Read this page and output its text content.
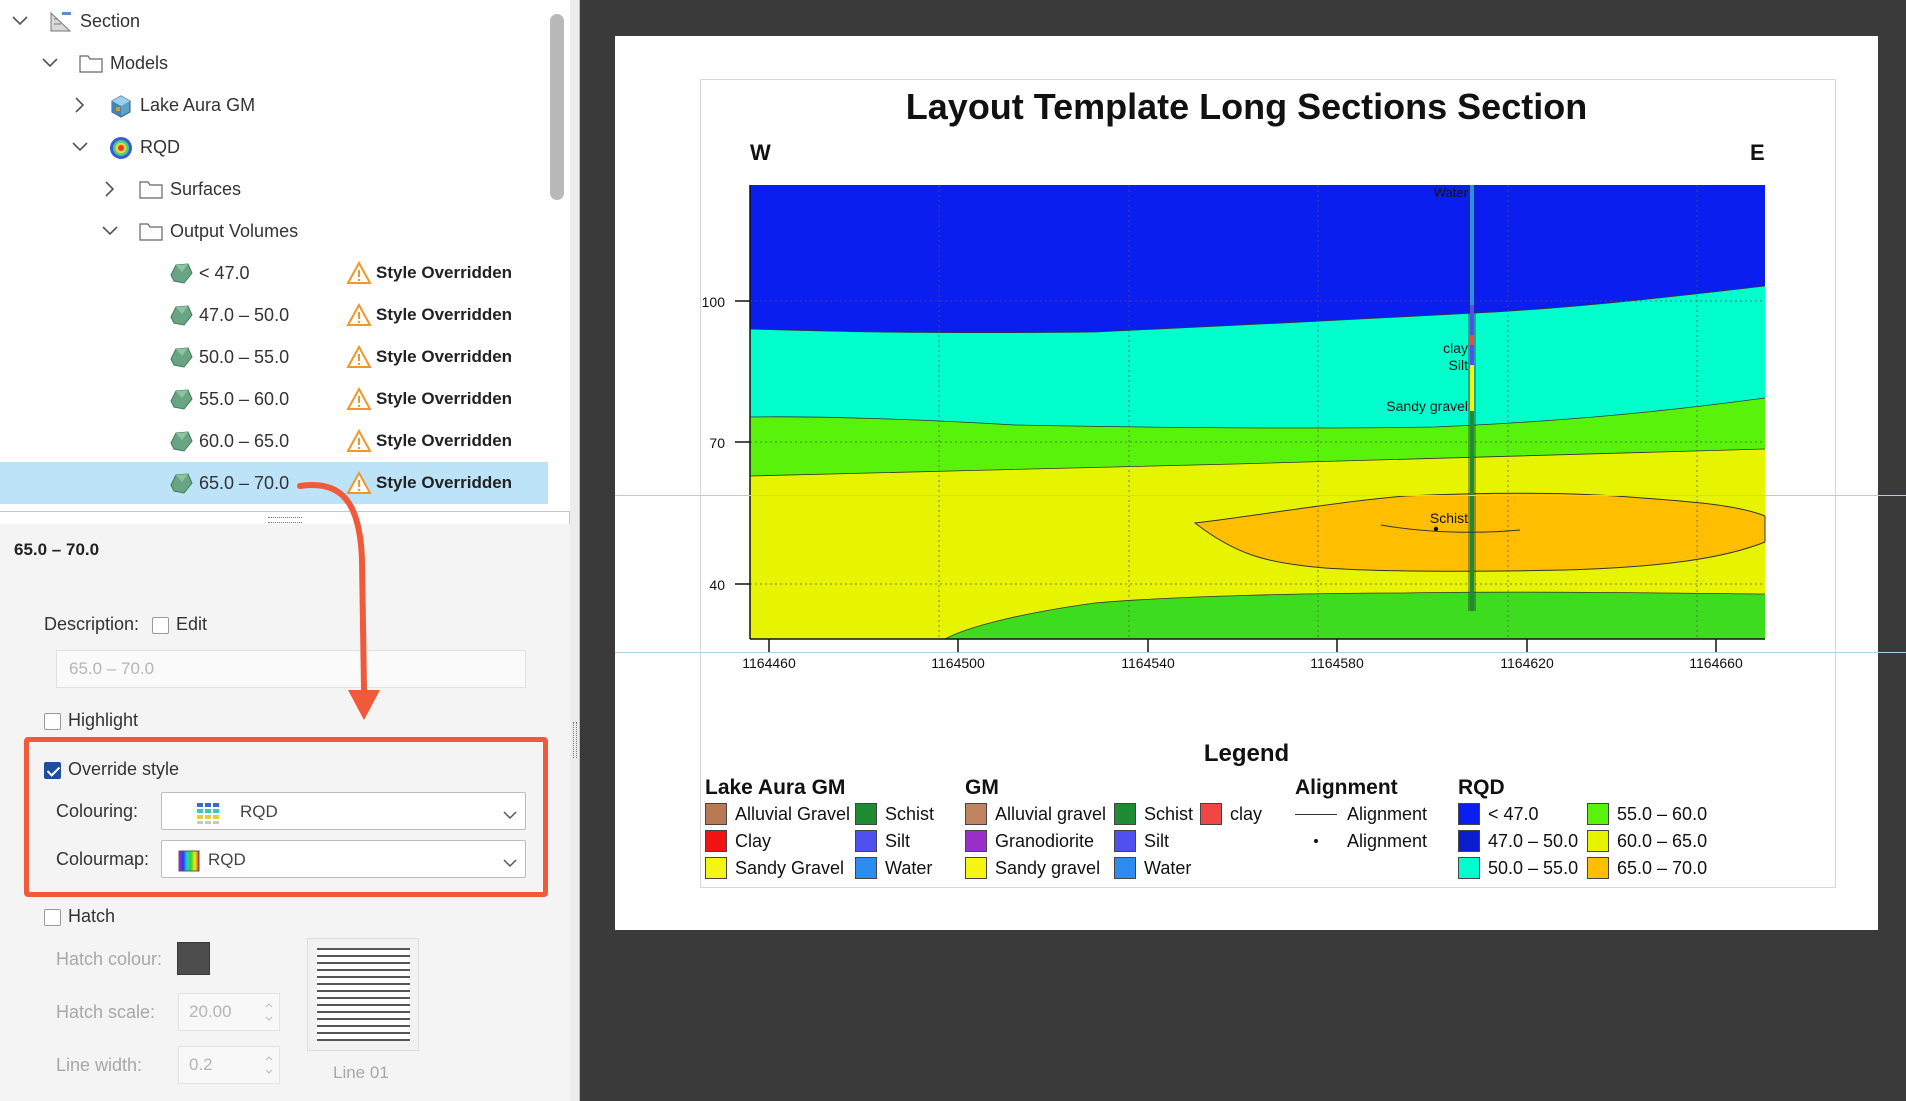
Section
Models
Lake Aura GM
RQD
Surfaces
Output Volumes
< 47.0	Style Overridden
47.0 – 50.0	Style Overridden
50.0 – 55.0	Style Overridden
55.0 – 60.0	Style Overridden
60.0 – 65.0	Style Overridden
65.0 – 70.0	Style Overridden
65.0 – 70.0
Description: Edit
65.0 – 70.0
Highlight
Override style
Colouring:	RQD
Colourmap:	RQD
Hatch
Hatch colour:
Hatch scale:	20.00
Line width:	0.2	Line 01
Layout Template Long Sections Section
W	E
100
70
40
1164460	1164500	1164540	1164580	1164620	1164660
Water
clay
Silt
Sandy gravel
Schist
Legend
Lake Aura GM
Alluvial Gravel
Clay
Sandy Gravel
Schist
Silt
Water
GM
Alluvial gravel
Granodiorite
Sandy gravel
Schist
Silt
Water
clay
Alignment
Alignment
Alignment
RQD
< 47.0
47.0 – 50.0
50.0 – 55.0
55.0 – 60.0
60.0 – 65.0
65.0 – 70.0
